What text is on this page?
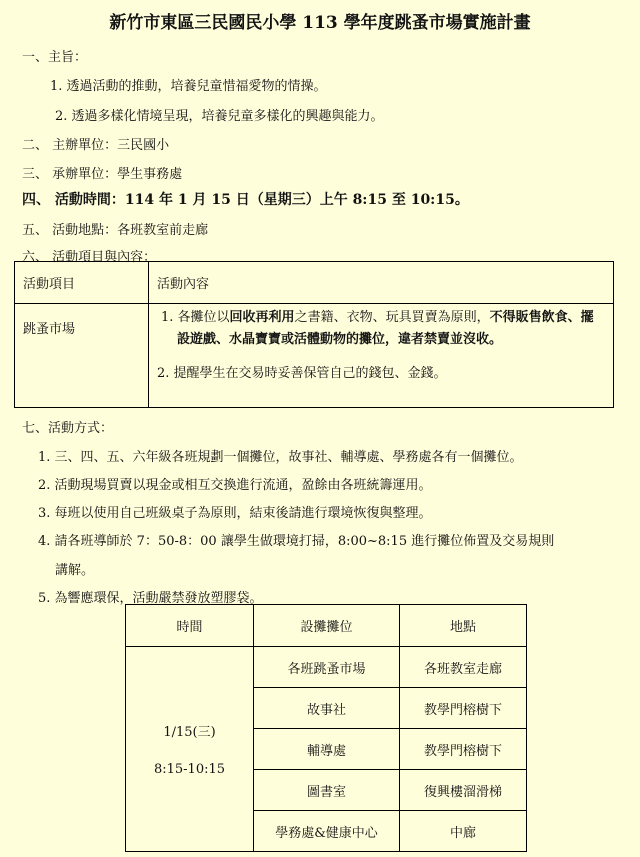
新竹市東區三民國民小學 113 學年度跳蚤市場實施計畫
一、主旨：
1. 透過活動的推動，培養兒童惜福愛物的情操。
2. 透過多樣化情境呈現，培養兒童多樣化的興趣與能力。
二、 主辦單位：三民國小
三、 承辦單位：學生事務處
四、 活動時間：114 年 1 月 15 日（星期三）上午 8:15 至 10:15。
五、 活動地點：各班教室前走廊
六、 活動項目與內容：
活動項目	活動內容

跳蚤市場	1. 各攤位以回收再利用之書籍、衣物、玩具買賣為原則，不得販售飲食、擺設遊戲、水晶寶寶或活體動物的攤位，違者禁賣並沒收。
2. 提醒學生在交易時妥善保管自己的錢包、金錢。
七、活動方式：
1. 三、四、五、六年級各班規劃一個攤位，故事社、輔導處、學務處各有一個攤位。
2. 活動現場買賣以現金或相互交換進行流通，盈餘由各班統籌運用。
3. 每班以使用自己班級桌子為原則，結束後請進行環境恢復與整理。
4. 請各班導師於 7：50-8：00 讓學生做環境打掃，8:00~8:15 進行攤位佈置及交易規則
講解。
5. 為響應環保，活動嚴禁發放塑膠袋。
時間	設攤攤位	地點

1/15(三)
8:15-10:15	各班跳蚤市場	各班教室走廊
	故事社	教學門榕樹下
	輔導處	教學門榕樹下
	圖書室	復興樓溜滑梯
	學務處&健康中心	中廊
